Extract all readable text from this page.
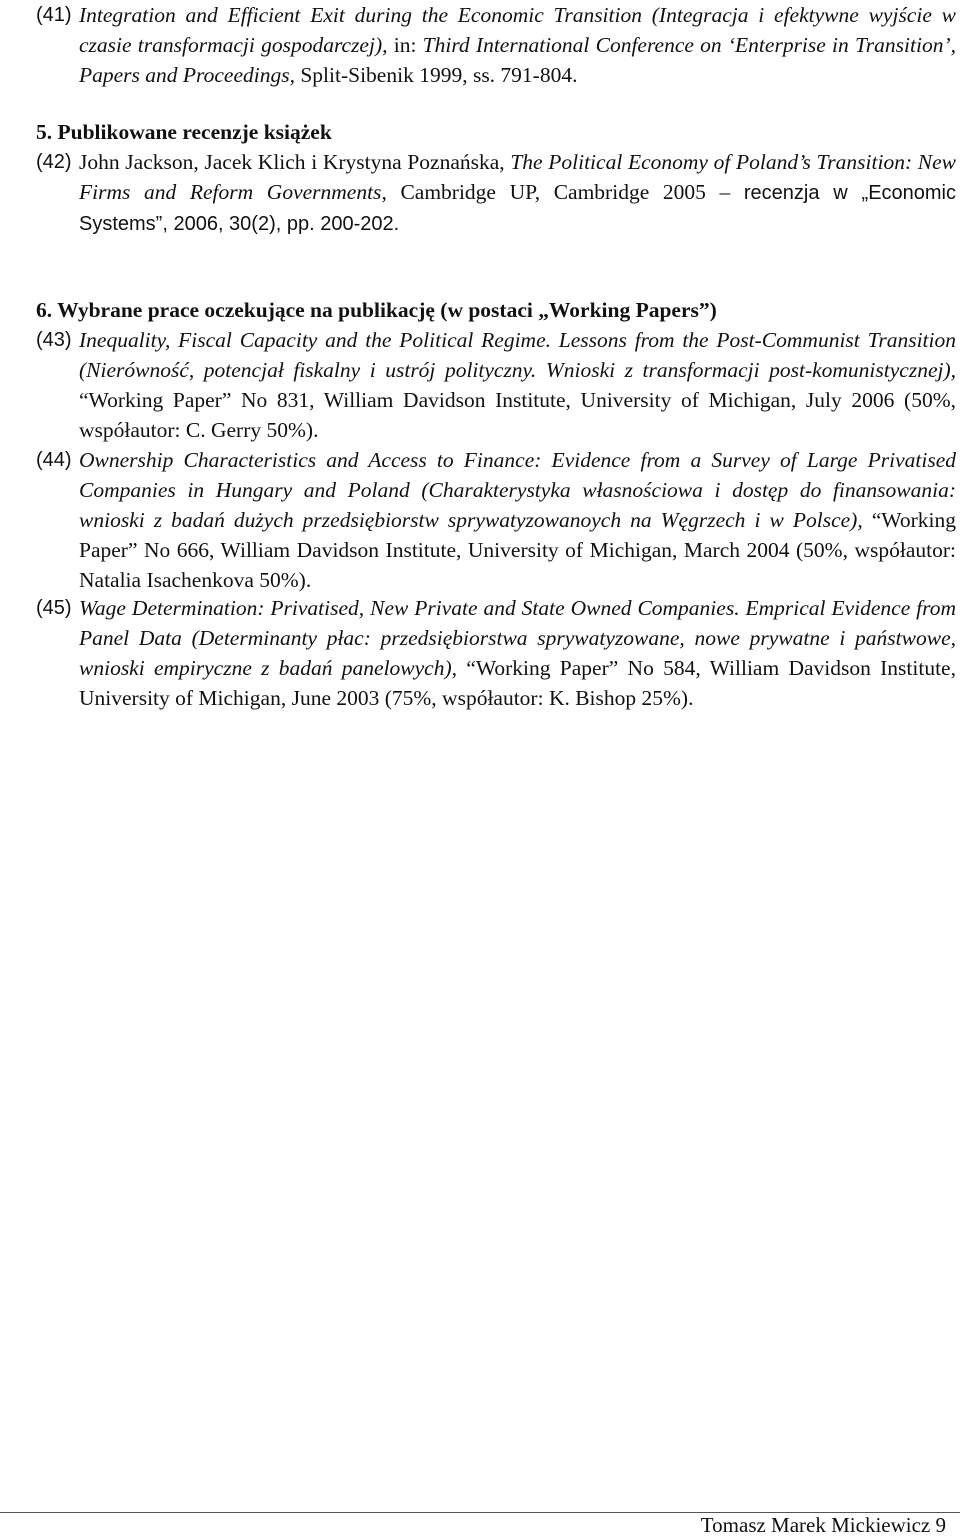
(41) Integration and Efficient Exit during the Economic Transition (Integracja i efektywne wyjście w czasie transformacji gospodarczej), in: Third International Conference on ‘Enterprise in Transition’, Papers and Proceedings, Split-Sibenik 1999, ss. 791-804.
5. Publikowane recenzje książek
(42) John Jackson, Jacek Klich i Krystyna Poznańska, The Political Economy of Poland’s Transition: New Firms and Reform Governments, Cambridge UP, Cambridge 2005 – recenzja w „Economic Systems”, 2006, 30(2), pp. 200-202.
6. Wybrane prace oczekujące na publikację (w postaci „Working Papers”)
(43) Inequality, Fiscal Capacity and the Political Regime. Lessons from the Post-Communist Transition (Nierówność, potencjał fiskalny i ustrój polityczny. Wnioski z transformacji post-komunistycznej), “Working Paper” No 831, William Davidson Institute, University of Michigan, July 2006 (50%, współautor: C. Gerry 50%).
(44) Ownership Characteristics and Access to Finance: Evidence from a Survey of Large Privatised Companies in Hungary and Poland (Charakterystyka własnościowa i dostęp do finansowania: wnioski z badań dużych przedsiębiorstw sprywatyzowanoych na Węgrzech i w Polsce), “Working Paper” No 666, William Davidson Institute, University of Michigan, March 2004 (50%, współautor: Natalia Isachenkova 50%).
(45) Wage Determination: Privatised, New Private and State Owned Companies. Emprical Evidence from Panel Data (Determinanty płac: przedsiębiorstwa sprywatyzowane, nowe prywatne i państwowe, wnioski empiryczne z badań panelowych), “Working Paper” No 584, William Davidson Institute, University of Michigan, June 2003 (75%, współautor: K. Bishop 25%).
Tomasz Marek Mickiewicz 9
